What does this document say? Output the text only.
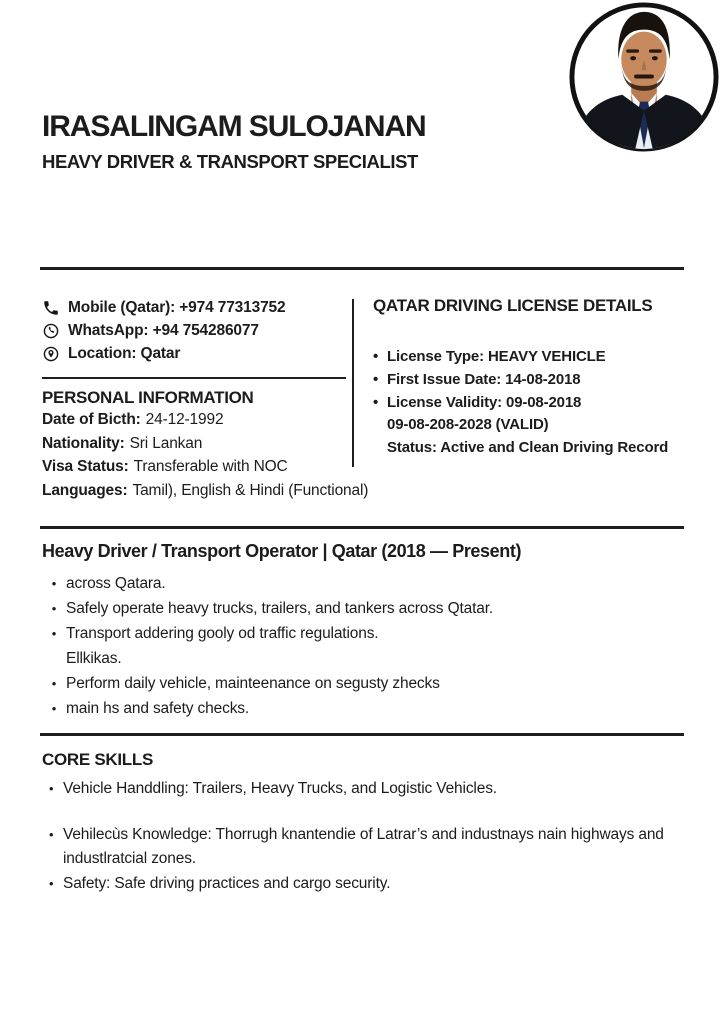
IRASALINGAM SULOJANAN
HEAVY DRIVER & TRANSPORT SPECIALIST
Mobile (Qatar): +974 77313752
WhatsApp: +94 754286077
Location: Qatar
PERSONAL INFORMATION
Date of Bicth: 24-12-1992
Nationality: Sri Lankan
Visa Status: Transferable with NOC
Languages: Tamil), English & Hindi (Functional)
QATAR DRIVING LICENSE DETAILS
• License Type: HEAVY VEHICLE
• First Issue Date: 14-08-2018
• License Validity: 09-08-2018
09-08-208-2028 (VALID)
Status: Active and Clean Driving Record
Heavy Driver / Transport Operator | Qatar (2018 — Present)
• across Qatara.
• Safely operate heavy trucks, trailers, and tankers across Qtatar.
• Transport addering gooly od traffic regulations.
Ellkikas.
• Perform daily vehicle, mainteenance on segusty zhecks
• main hs and safety checks.
CORE SKILLS
• Vehicle Handdling: Trailers, Heavy Trucks, and Logistic Vehicles.
• Vehilecùs Knowledge: Thorrugh knantendie of Latrar’s and industnays nain highways and industlratcial zones.
• Safety: Safe driving practices and cargo security.
